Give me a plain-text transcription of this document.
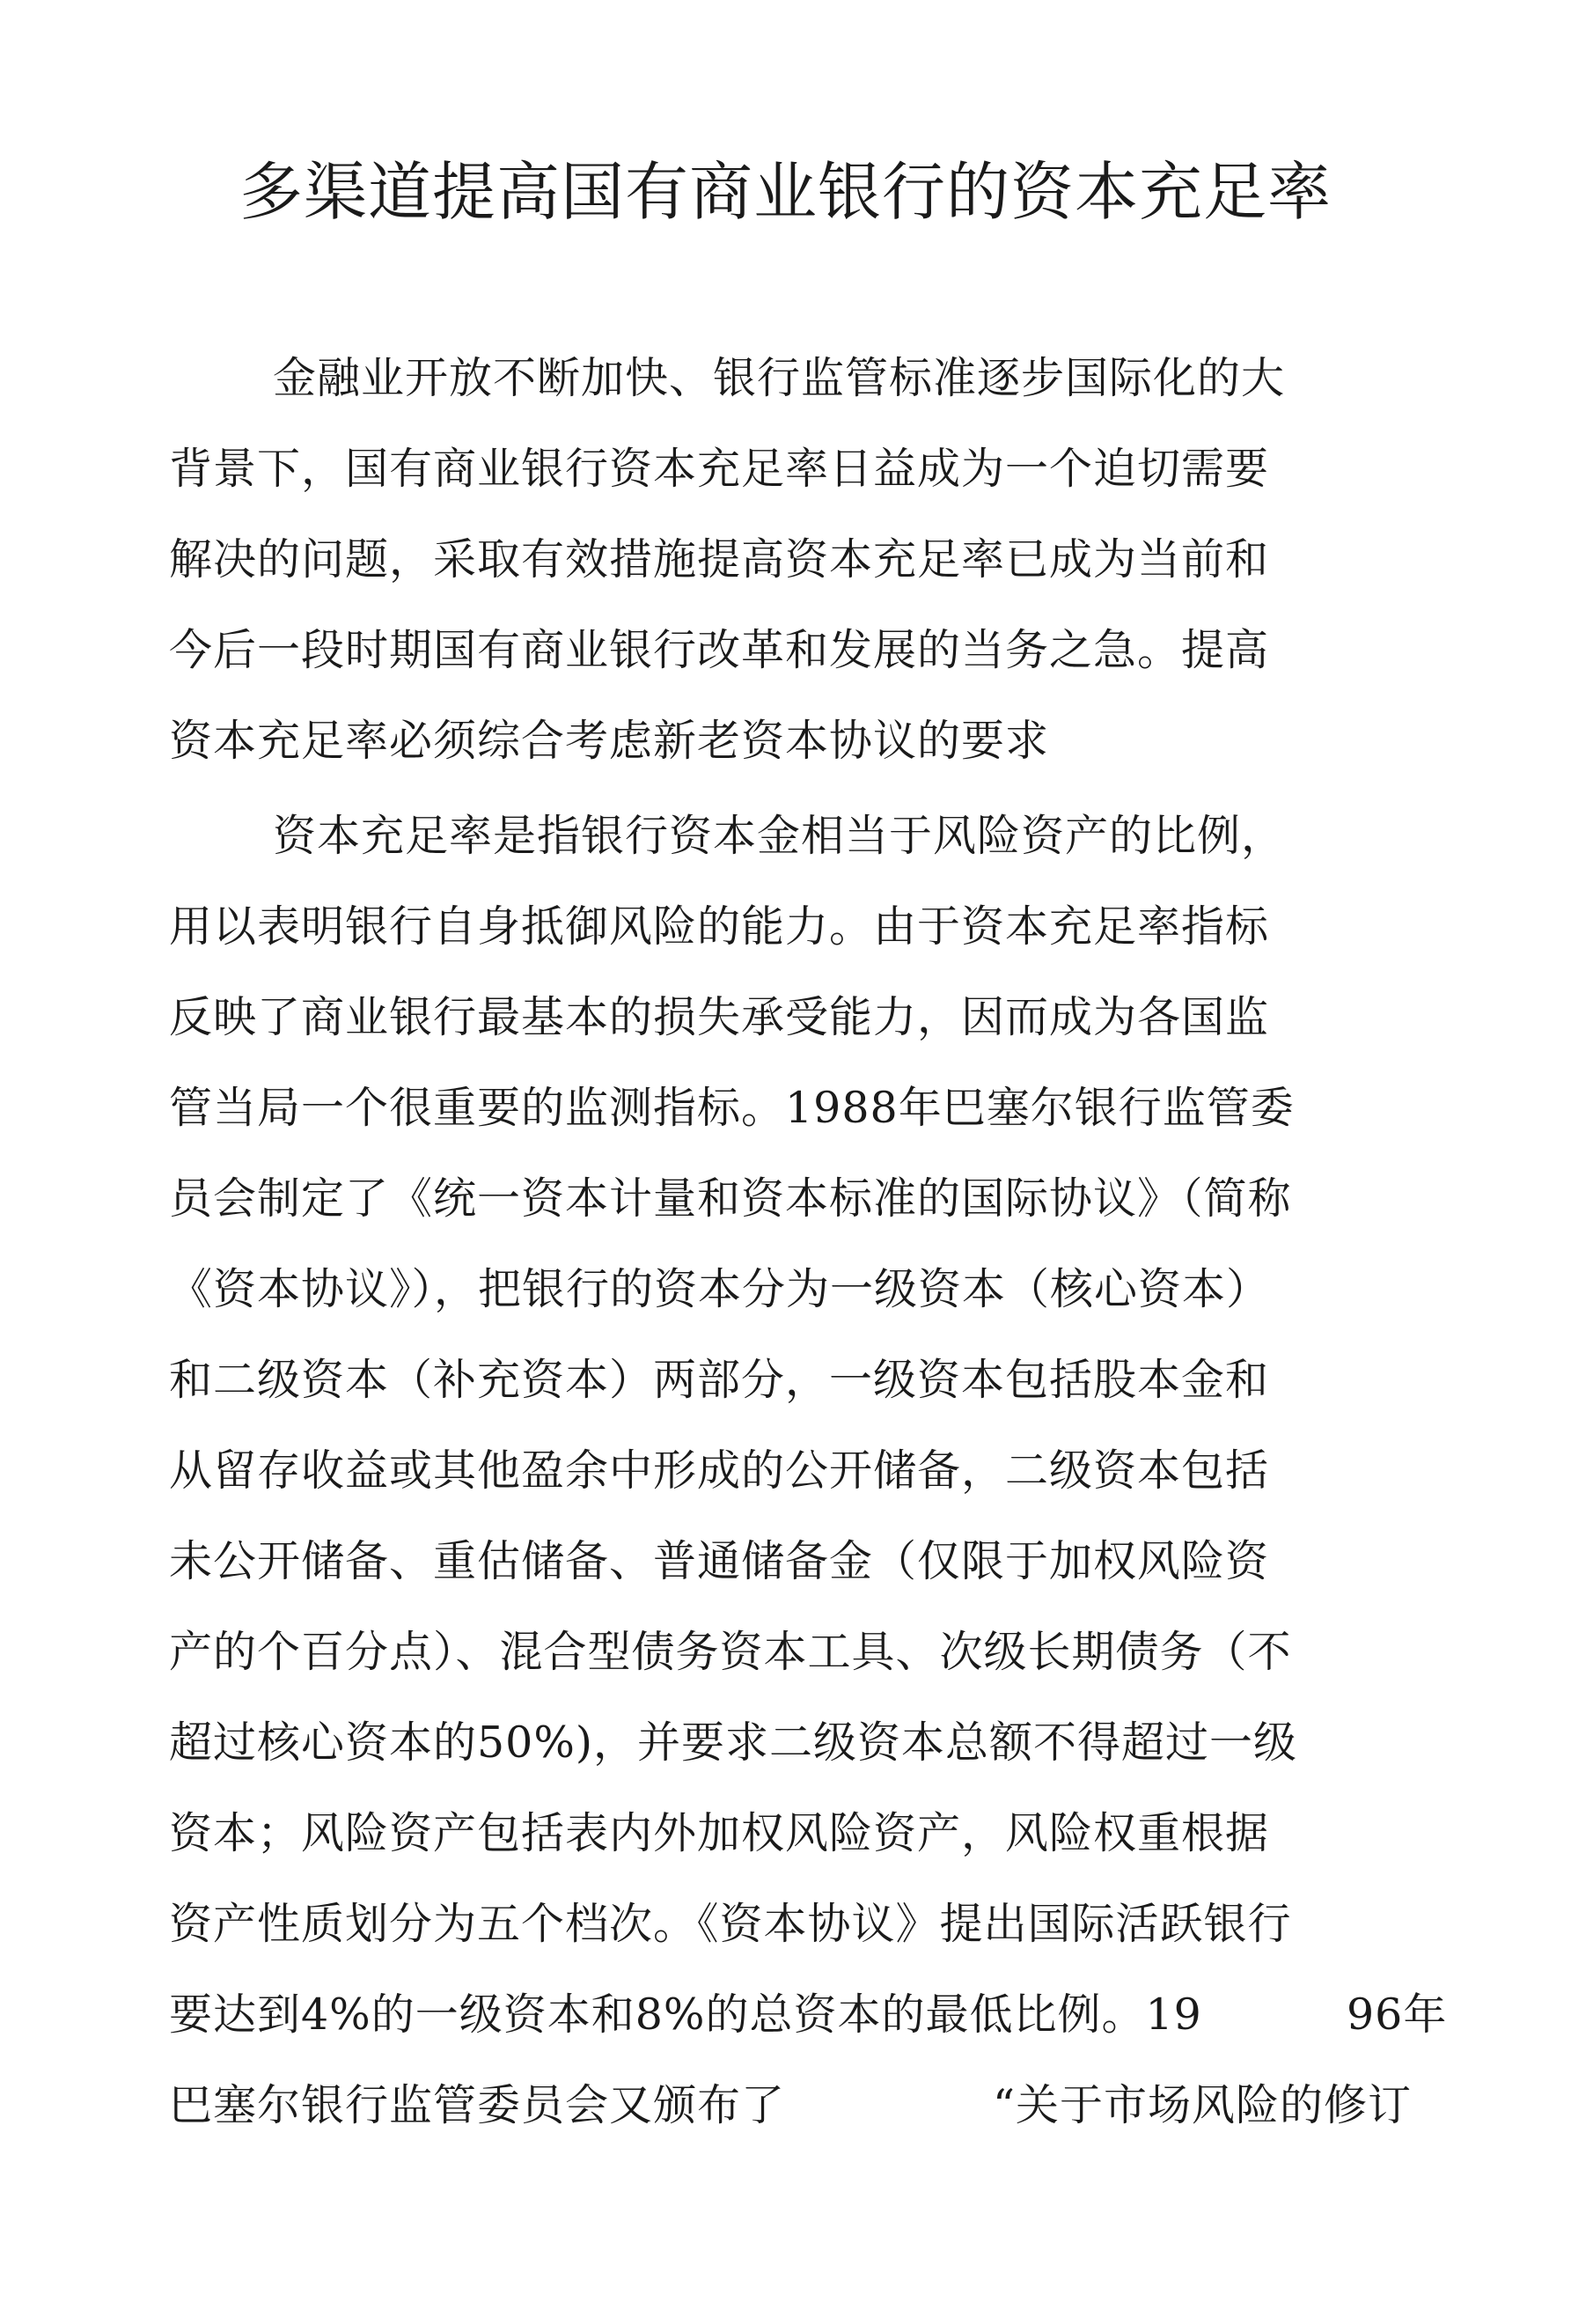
多渠道提高国有商业银行的资本充足率
金融业开放不断加快、银行监管标准逐步国际化的大
背景下，国有商业银行资本充足率日益成为一个迫切需要
解决的问题，采取有效措施提高资本充足率已成为当前和
今后一段时期国有商业银行改革和发展的当务之急。提高
资本充足率必须综合考虑新老资本协议的要求
资本充足率是指银行资本金相当于风险资产的比例，
用以表明银行自身抵御风险的能力。由于资本充足率指标
反映了商业银行最基本的损失承受能力，因而成为各国监
管当局一个很重要的监测指标。1988年巴塞尔银行监管委
员会制定了《统一资本计量和资本标准的国际协议》（简称
《资本协议》），把银行的资本分为一级资本（核心资本）
和二级资本（补充资本）两部分，一级资本包括股本金和
从留存收益或其他盈余中形成的公开储备，二级资本包括
未公开储备、重估储备、普通储备金（仅限于加权风险资
产的个百分点）、混合型债务资本工具、次级长期债务（不
超过核心资本的50%)，并要求二级资本总额不得超过一级
资本；风险资产包括表内外加权风险资产，风险权重根据
资产性质划分为五个档次。《资本协议》提出国际活跃银行
要达到4%的一级资本和8%的总资本的最低比例。19	96年
巴塞尔银行监管委员会又颁布了	“关于市场风险的修订
